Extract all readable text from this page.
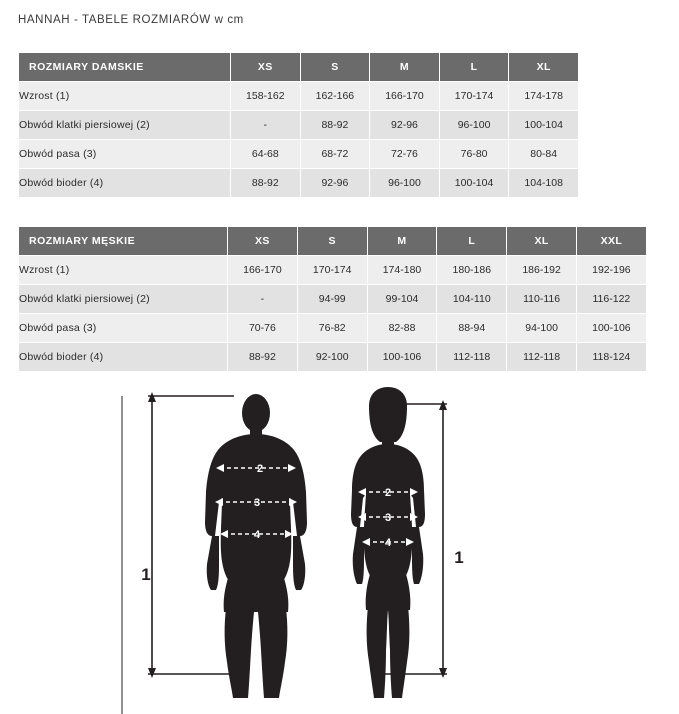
HANNAH - TABELE ROZMIARÓW w cm
ROZMIARY DAMSKIE	XS	S	M	L	XL
Wzrost (1)	158-162	162-166	166-170	170-174	174-178
Obwód klatki piersiowej (2)	-	88-92	92-96	96-100	100-104
Obwód pasa (3)	64-68	68-72	72-76	76-80	80-84
Obwód bioder (4)	88-92	92-96	96-100	100-104	104-108
ROZMIARY MĘSKIE	XS	S	M	L	XL	XXL
Wzrost (1)	166-170	170-174	174-180	180-186	186-192	192-196
Obwód klatki piersiowej (2)	-	94-99	99-104	104-110	110-116	116-122
Obwód pasa (3)	70-76	76-82	82-88	88-94	94-100	100-106
Obwód bioder (4)	88-92	92-100	100-106	112-118	112-118	118-124
2
3
4
2
3
4
1
1
